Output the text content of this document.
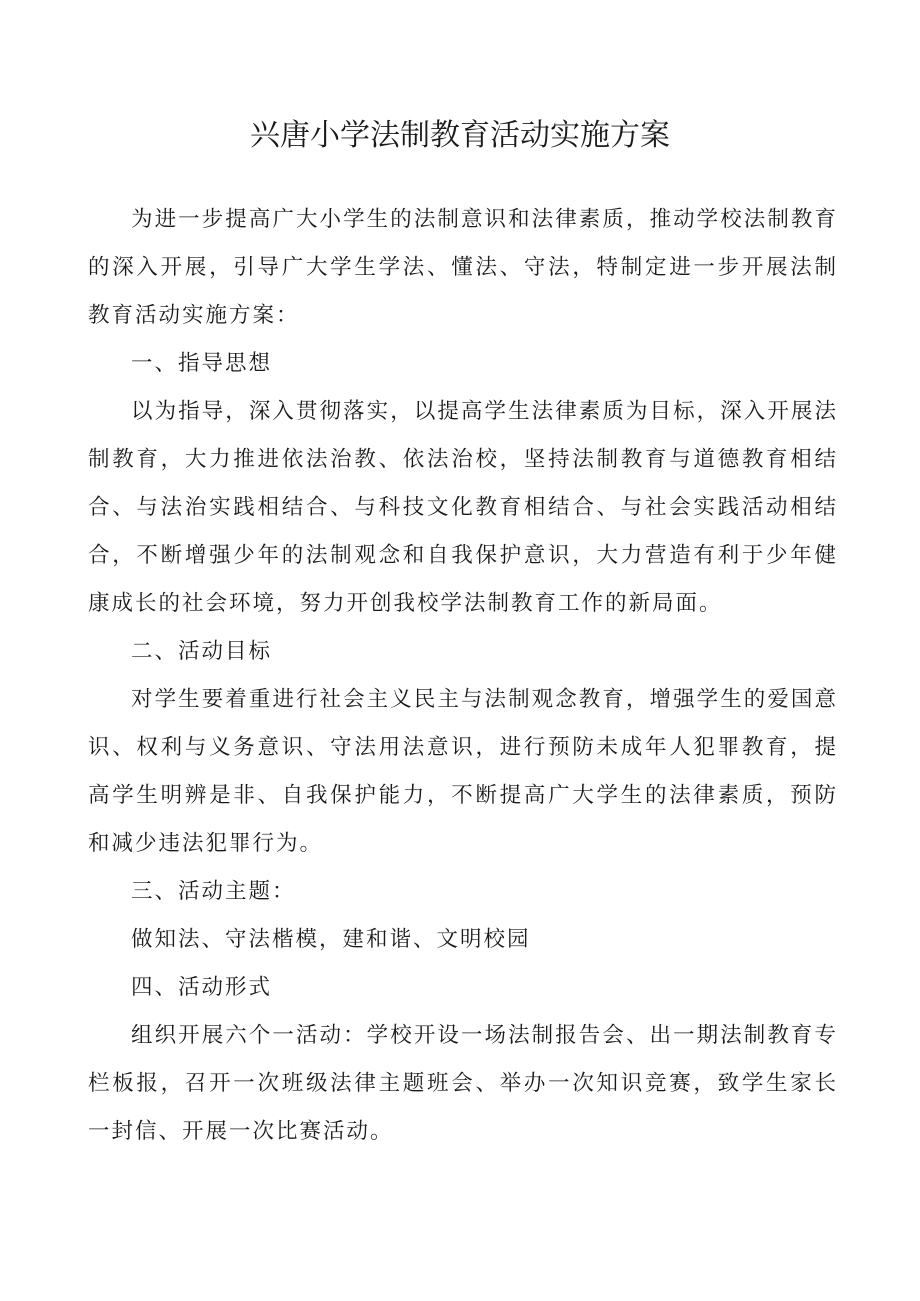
兴唐小学法制教育活动实施方案

为进一步提高广大小学生的法制意识和法律素质，推动学校法制教育的深入开展，引导广大学生学法、懂法、守法，特制定进一步开展法制教育活动实施方案：

一、指导思想

以为指导，深入贯彻落实，以提高学生法律素质为目标，深入开展法制教育，大力推进依法治教、依法治校，坚持法制教育与道德教育相结合、与法治实践相结合、与科技文化教育相结合、与社会实践活动相结合，不断增强少年的法制观念和自我保护意识，大力营造有利于少年健康成长的社会环境，努力开创我校学法制教育工作的新局面。

二、活动目标

对学生要着重进行社会主义民主与法制观念教育，增强学生的爱国意识、权利与义务意识、守法用法意识，进行预防未成年人犯罪教育，提高学生明辨是非、自我保护能力，不断提高广大学生的法律素质，预防和减少违法犯罪行为。

三、活动主题：

做知法、守法楷模，建和谐、文明校园

四、活动形式

组织开展六个一活动：学校开设一场法制报告会、出一期法制教育专栏板报，召开一次班级法律主题班会、举办一次知识竞赛，致学生家长一封信、开展一次比赛活动。
